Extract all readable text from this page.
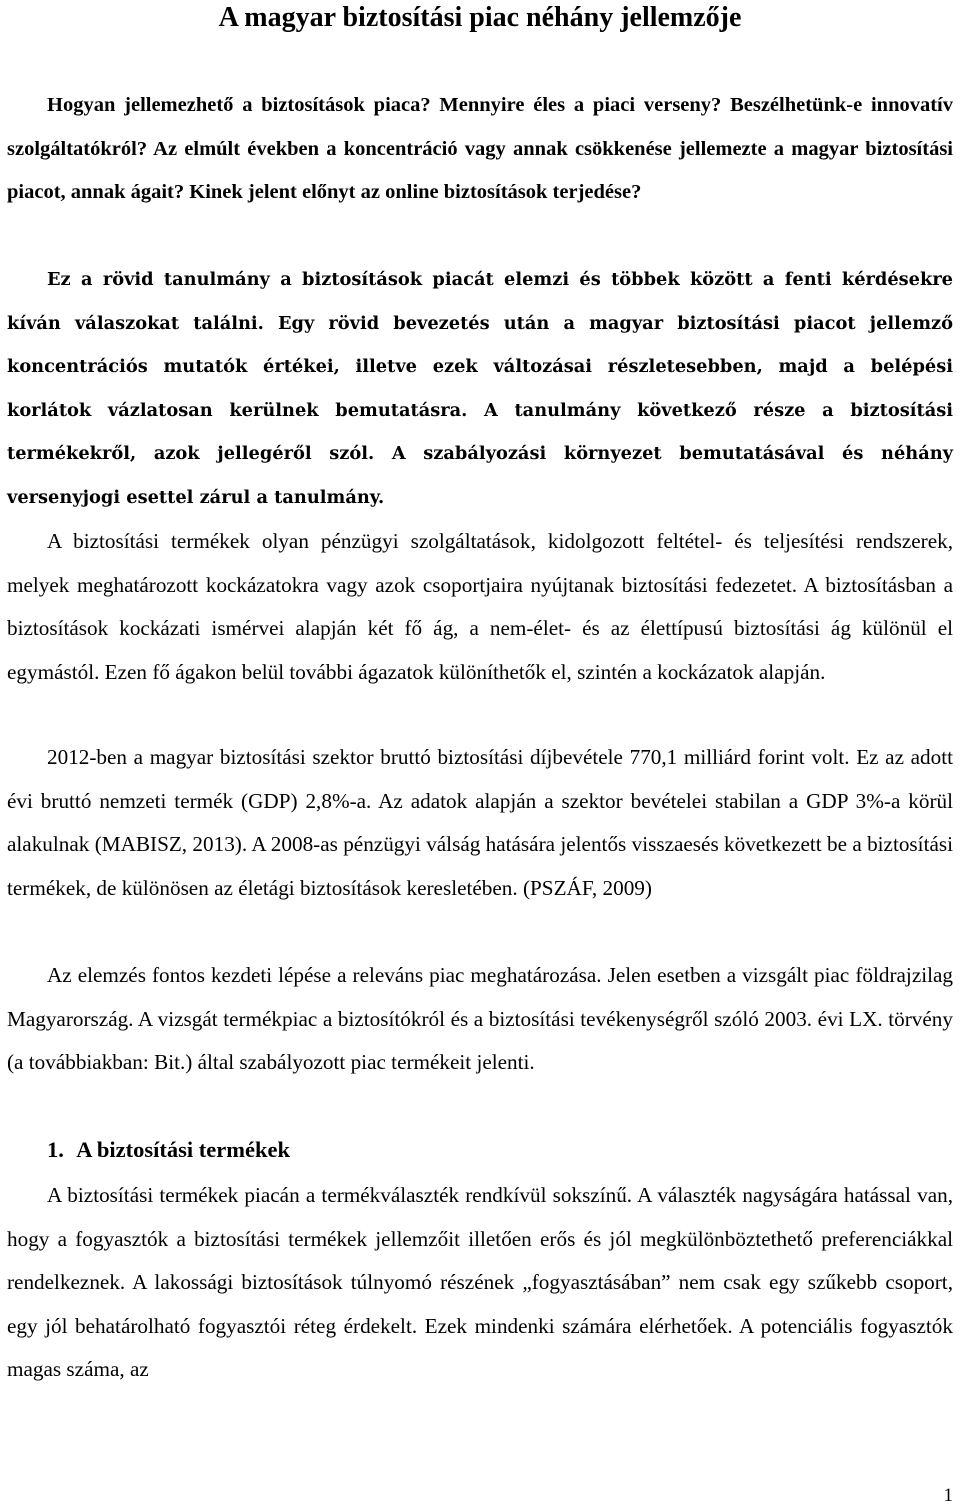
A magyar biztosítási piac néhány jellemzője

Hogyan jellemezhető a biztosítások piaca? Mennyire éles a piaci verseny? Beszélhetünk-e innovatív szolgáltatókról? Az elmúlt években a koncentráció vagy annak csökkenése jellemezte a magyar biztosítási piacot, annak ágait? Kinek jelent előnyt az online biztosítások terjedése?

Ez a rövid tanulmány a biztosítások piacát elemzi és többek között a fenti kérdésekre kíván válaszokat találni. Egy rövid bevezetés után a magyar biztosítási piacot jellemző koncentrációs mutatók értékei, illetve ezek változásai részletesebben, majd a belépési korlátok vázlatosan kerülnek bemutatásra. A tanulmány következő része a biztosítási termékekről, azok jellegéről szól. A szabályozási környezet bemutatásával és néhány versenyjogi esettel zárul a tanulmány.

A biztosítási termékek olyan pénzügyi szolgáltatások, kidolgozott feltétel- és teljesítési rendszerek, melyek meghatározott kockázatokra vagy azok csoportjaira nyújtanak biztosítási fedezetet. A biztosításban a biztosítások kockázati ismérvei alapján két fő ág, a nem-élet- és az élettípusú biztosítási ág különül el egymástól. Ezen fő ágakon belül további ágazatok különíthetők el, szintén a kockázatok alapján.

2012-ben a magyar biztosítási szektor bruttó biztosítási díjbevétele 770,1 milliárd forint volt. Ez az adott évi bruttó nemzeti termék (GDP) 2,8%-a. Az adatok alapján a szektor bevételei stabilan a GDP 3%-a körül alakulnak (MABISZ, 2013). A 2008-as pénzügyi válság hatására jelentős visszaesés következett be a biztosítási termékek, de különösen az életági biztosítások keresletében. (PSZÁF, 2009)

Az elemzés fontos kezdeti lépése a releváns piac meghatározása. Jelen esetben a vizsgált piac földrajzilag Magyarország. A vizsgát termékpiac a biztosítókról és a biztosítási tevékenységről szóló 2003. évi LX. törvény (a továbbiakban: Bit.) által szabályozott piac termékeit jelenti.

1. A biztosítási termékek

A biztosítási termékek piacán a termékválaszték rendkívül sokszínű. A választék nagyságára hatással van, hogy a fogyasztók a biztosítási termékek jellemzőit illetően erős és jól megkülönböztethető preferenciákkal rendelkeznek. A lakossági biztosítások túlnyomó részének „fogyasztásában” nem csak egy szűkebb csoport, egy jól behatárolható fogyasztói réteg érdekelt. Ezek mindenki számára elérhetőek. A potenciális fogyasztók magas száma, az

1
